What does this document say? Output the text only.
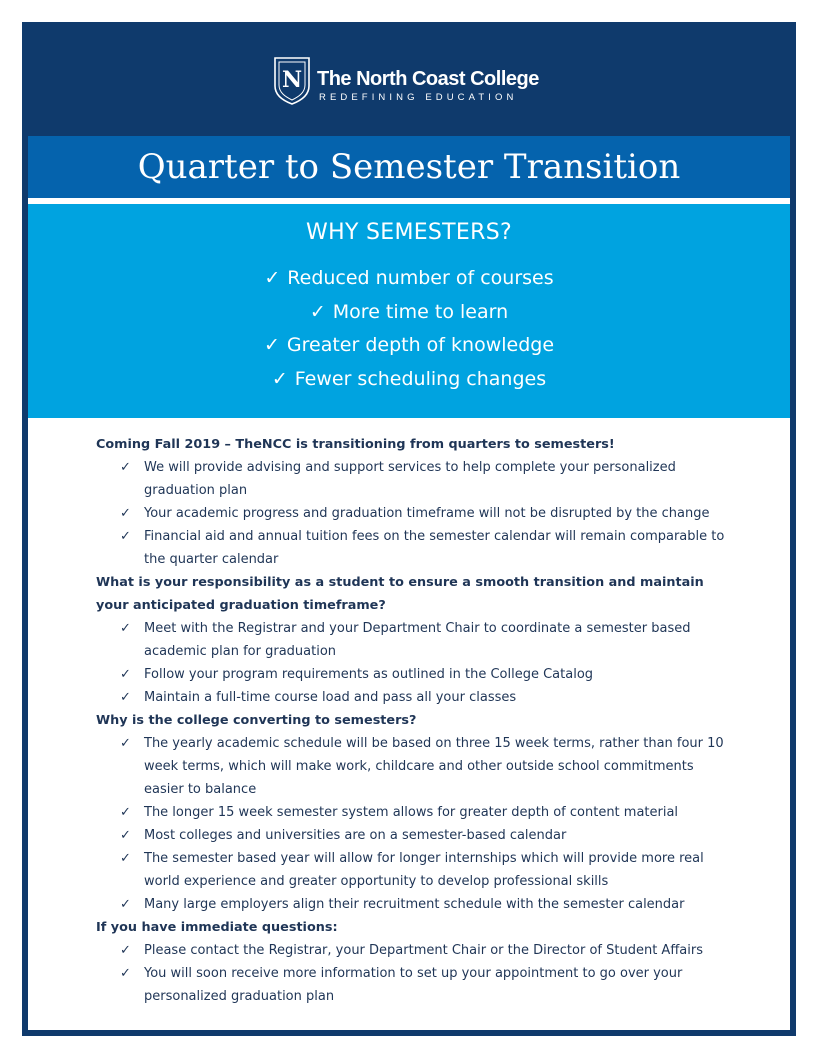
N The North Coast College
REDEFINING EDUCATION
Quarter to Semester Transition
WHY SEMESTERS?
✓ Reduced number of courses
✓ More time to learn
✓ Greater depth of knowledge
✓ Fewer scheduling changes

Coming Fall 2019 – TheNCC is transitioning from quarters to semesters!

✓ We will provide advising and support services to help complete your personalized graduation plan
✓ Your academic progress and graduation timeframe will not be disrupted by the change
✓ Financial aid and annual tuition fees on the semester calendar will remain comparable to the quarter calendar

What is your responsibility as a student to ensure a smooth transition and maintain your anticipated graduation timeframe?

✓ Meet with the Registrar and your Department Chair to coordinate a semester based academic plan for graduation
✓ Follow your program requirements as outlined in the College Catalog
✓ Maintain a full-time course load and pass all your classes

Why is the college converting to semesters?

✓ The yearly academic schedule will be based on three 15 week terms, rather than four 10 week terms, which will make work, childcare and other outside school commitments easier to balance
✓ The longer 15 week semester system allows for greater depth of content material
✓ Most colleges and universities are on a semester-based calendar
✓ The semester based year will allow for longer internships which will provide more real world experience and greater opportunity to develop professional skills
✓ Many large employers align their recruitment schedule with the semester calendar

If you have immediate questions:

✓ Please contact the Registrar, your Department Chair or the Director of Student Affairs
✓ You will soon receive more information to set up your appointment to go over your personalized graduation plan
